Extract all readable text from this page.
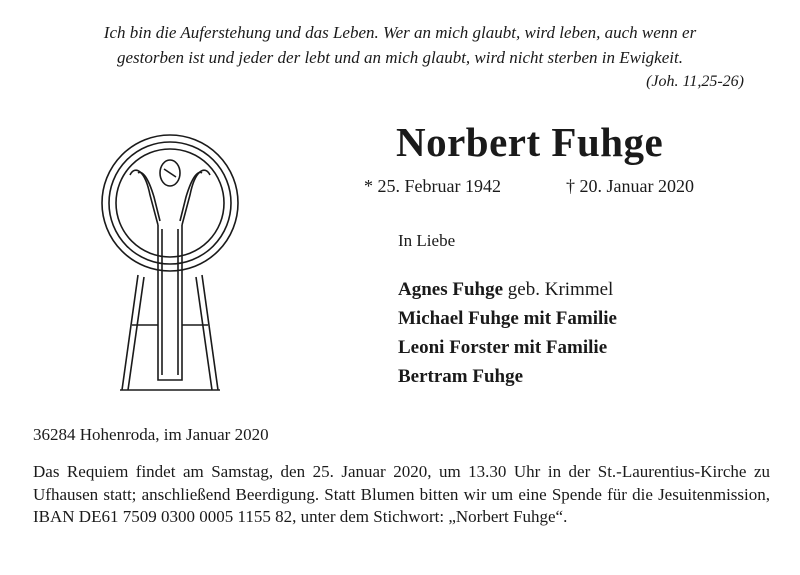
Ich bin die Auferstehung und das Leben. Wer an mich glaubt, wird leben, auch wenn er
gestorben ist und jeder der lebt und an mich glaubt, wird nicht sterben in Ewigkeit.
(Joh. 11,25-26)
Norbert Fuhge
* 25. Februar 1942	† 20. Januar 2020
In Liebe
Agnes Fuhge geb. Krimmel
Michael Fuhge mit Familie
Leoni Forster mit Familie
Bertram Fuhge
36284 Hohenroda, im Januar 2020
Das Requiem findet am Samstag, den 25. Januar 2020, um 13.30 Uhr in der St.-Laurentius-Kirche zu Ufhausen statt; anschließend Beerdigung. Statt Blumen bitten wir um eine Spende für die Jesuitenmission, IBAN DE61 7509 0300 0005 1155 82, unter dem Stichwort: „Norbert Fuhge“.
